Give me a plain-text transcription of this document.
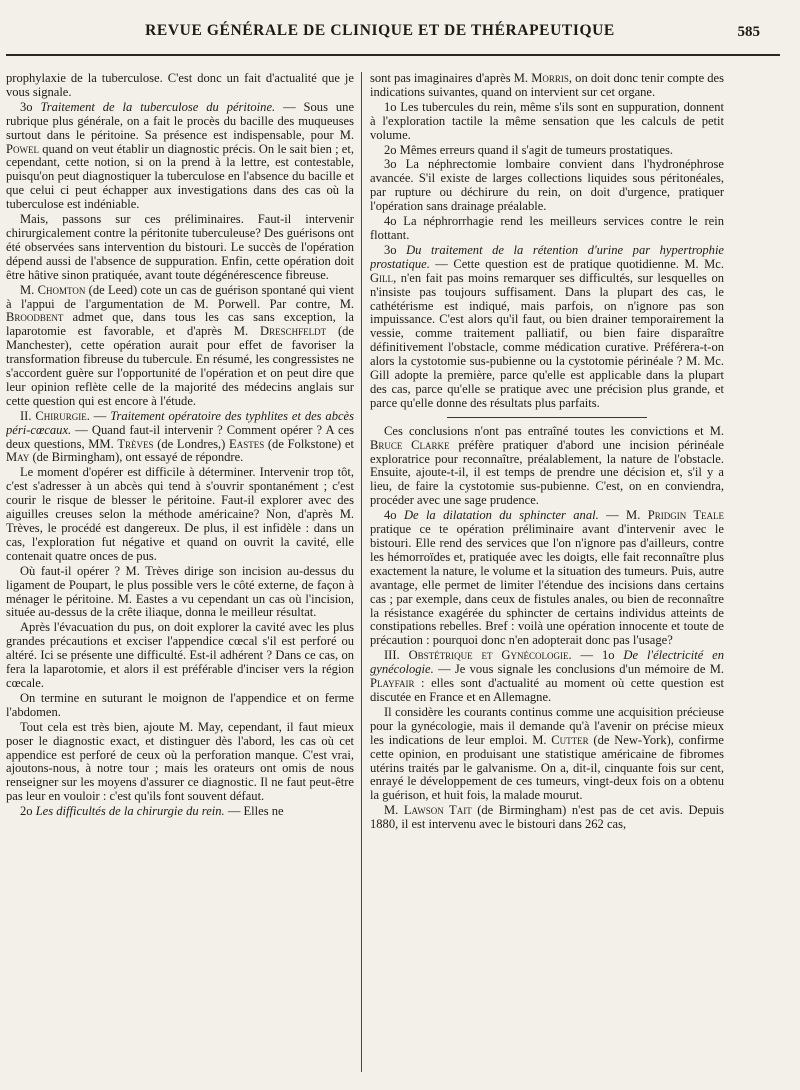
REVUE GÉNÉRALE DE CLINIQUE ET DE THÉRAPEUTIQUE	585

prophylaxie de la tuberculose. C'est donc un fait d'actualité que je vous signale.

3o Traitement de la tuberculose du péritoine. — Sous une rubrique plus générale, on a fait le procès du bacille des muqueuses surtout dans le péritoine. Sa présence est indispensable, pour M. Powel quand on veut établir un diagnostic précis. On le sait bien ; et, cependant, cette notion, si on la prend à la lettre, est contestable, puisqu'on peut diagnostiquer la tuberculose en l'absence du bacille et que celui ci peut échapper aux investigations dans des cas où la tuberculose est indéniable.

Mais, passons sur ces préliminaires. Faut-il intervenir chirurgicalement contre la péritonite tuberculeuse? Des guérisons ont été observées sans intervention du bistouri. Le succès de l'opération dépend aussi de l'absence de suppuration. Enfin, cette opération doit être hâtive sinon pratiquée, avant toute dégénérescence fibreuse.

M. Chomton (de Leed) cote un cas de guérison spontané qui vient à l'appui de l'argumentation de M. Porwell. Par contre, M. Broodbent admet que, dans tous les cas sans exception, la laparotomie est favorable, et d'après M. Dreschfeldt (de Manchester), cette opération aurait pour effet de favoriser la transformation fibreuse du tubercule. En résumé, les congressistes ne s'accordent guère sur l'opportunité de l'opération et on peut dire que leur opinion reflète celle de la majorité des médecins anglais sur cette question qui est encore à l'étude.

II. Chirurgie. — Traitement opératoire des typhlites et des abcès péri-cœcaux. — Quand faut-il intervenir ? Comment opérer ? A ces deux questions, MM. Trèves (de Londres,) Eastes (de Folkstone) et May (de Birmingham), ont essayé de répondre.

Le moment d'opérer est difficile à déterminer. Intervenir trop tôt, c'est s'adresser à un abcès qui tend à s'ouvrir spontanément ; c'est courir le risque de blesser le péritoine. Faut-il explorer avec des aiguilles creuses selon la méthode américaine? Non, d'après M. Trèves, le procédé est dangereux. De plus, il est infidèle : dans un cas, l'exploration fut négative et quand on ouvrit la cavité, elle contenait quatre onces de pus.

Où faut-il opérer ? M. Trèves dirige son incision au-dessus du ligament de Poupart, le plus possible vers le côté externe, de façon à ménager le péritoine. M. Eastes a vu cependant un cas où l'incision, située au-dessus de la crête iliaque, donna le meilleur résultat.

Après l'évacuation du pus, on doit explorer la cavité avec les plus grandes précautions et exciser l'appendice cœcal s'il est perforé ou altéré. Ici se présente une difficulté. Est-il adhérent ? Dans ce cas, on fera la laparotomie, et alors il est préférable d'inciser vers la région cœcale.

On termine en suturant le moignon de l'appendice et on ferme l'abdomen.

Tout cela est très bien, ajoute M. May, cependant, il faut mieux poser le diagnostic exact, et distinguer dès l'abord, les cas où cet appendice est perforé de ceux où la perforation manque. C'est vrai, ajoutons-nous, à notre tour ; mais les orateurs ont omis de nous renseigner sur les moyens d'assurer ce diagnostic. Il ne faut peut-être pas leur en vouloir : c'est qu'ils font souvent défaut.

2o Les difficultés de la chirurgie du rein. — Elles ne

sont pas imaginaires d'après M. Morris, on doit donc tenir compte des indications suivantes, quand on intervient sur cet organe.

1o Les tubercules du rein, même s'ils sont en suppuration, donnent à l'exploration tactile la même sensation que les calculs de petit volume.

2o Mêmes erreurs quand il s'agit de tumeurs prostatiques.

3o La néphrectomie lombaire convient dans l'hydronéphrose avancée. S'il existe de larges collections liquides sous péritonéales, par rupture ou déchirure du rein, on doit d'urgence, pratiquer l'opération sans drainage préalable.

4o La néphrorrhagie rend les meilleurs services contre le rein flottant.

3o Du traitement de la rétention d'urine par hypertrophie prostatique. — Cette question est de pratique quotidienne. M. Mc. Gill, n'en fait pas moins remarquer ses difficultés, sur lesquelles on n'insiste pas toujours suffisament. Dans la plupart des cas, le cathétérisme est indiqué, mais parfois, on n'ignore pas son impuissance. C'est alors qu'il faut, ou bien drainer temporairement la vessie, comme traitement palliatif, ou bien faire disparaître définitivement l'obstacle, comme médication curative. Préférera-t-on alors la cystotomie sus-pubienne ou la cystotomie périnéale ? M. Mc. Gill adopte la première, parce qu'elle est applicable dans la plupart des cas, parce qu'elle se pratique avec une précision plus grande, et parce qu'elle donne des résultats plus parfaits.

Ces conclusions n'ont pas entraîné toutes les convictions et M. Bruce Clarke préfère pratiquer d'abord une incision périnéale exploratrice pour reconnaître, préalablement, la nature de l'obstacle. Ensuite, ajoute-t-il, il est temps de prendre une décision et, s'il y a lieu, de faire la cystotomie sus-pubienne. C'est, on en conviendra, procéder avec une sage prudence.

4o De la dilatation du sphincter anal. — M. Pridgin Teale pratique ce te opération préliminaire avant d'intervenir avec le bistouri. Elle rend des services que l'on n'ignore pas d'ailleurs, contre les hémorroïdes et, pratiquée avec les doigts, elle fait reconnaître plus exactement la nature, le volume et la situation des tumeurs. Puis, autre avantage, elle permet de limiter l'étendue des incisions dans certains cas ; par exemple, dans ceux de fistules anales, ou bien de reconnaître la résistance exagérée du sphincter de certains individus atteints de constipations rebelles. Bref : voilà une opération innocente et toute de précaution : pourquoi donc n'en adopterait donc pas l'usage?

III. Obstétrique et Gynécologie. — 1o De l'électricité en gynécologie. — Je vous signale les conclusions d'un mémoire de M. Playfair : elles sont d'actualité au moment où cette question est discutée en France et en Allemagne.

Il considère les courants continus comme une acquisition précieuse pour la gynécologie, mais il demande qu'à l'avenir on précise mieux les indications de leur emploi. M. Cutter (de New-York), confirme cette opinion, en produisant une statistique américaine de fibromes utérins traités par le galvanisme. On a, dit-il, cinquante fois sur cent, enrayé le développement de ces tumeurs, vingt-deux fois on a obtenu la guérison, et huit fois, la malade mourut.

M. Lawson Tait (de Birmingham) n'est pas de cet avis. Depuis 1880, il est intervenu avec le bistouri dans 262 cas,
